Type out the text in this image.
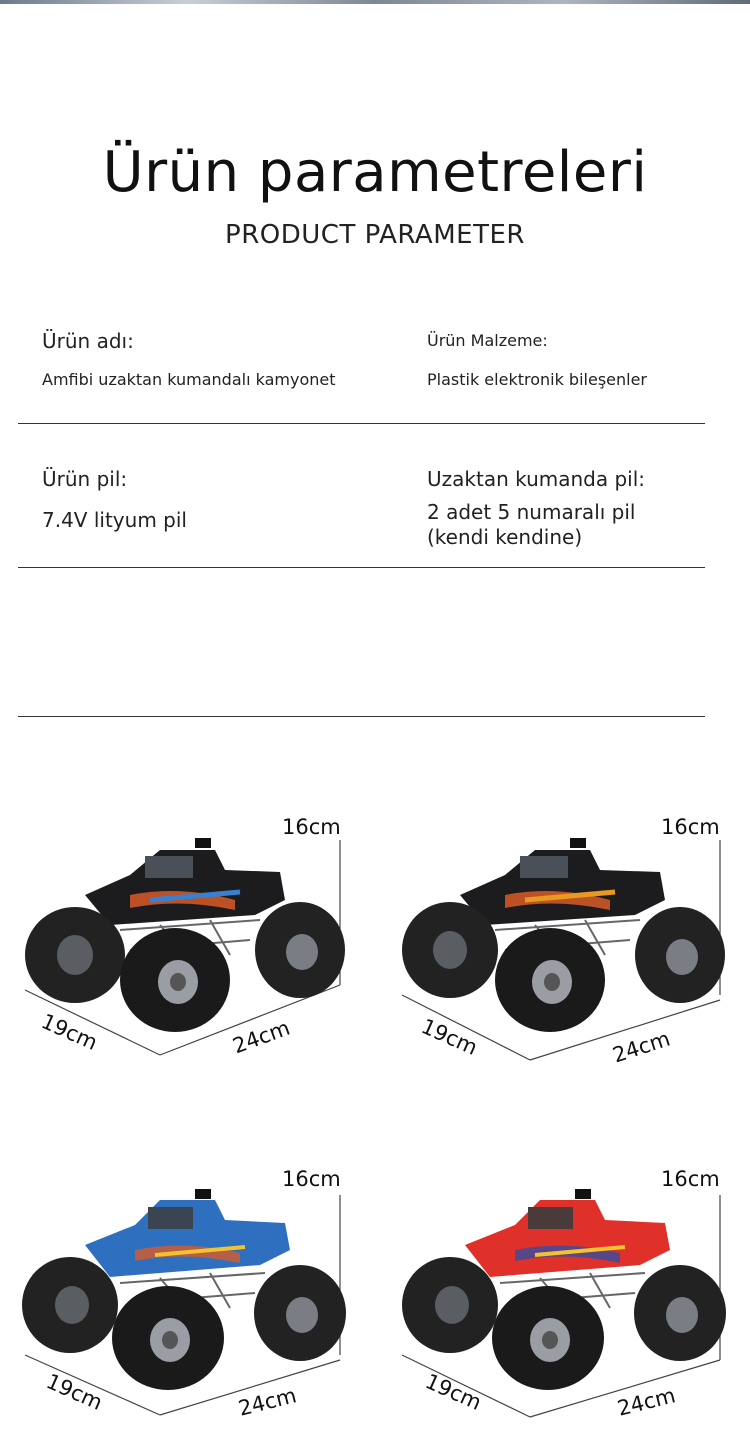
Ürün parametreleri
PRODUCT PARAMETER
Ürün adı:	Ürün Malzeme:
Amfibi uzaktan kumandalı kamyonet	Plastik elektronik bileşenler
Ürün pil:	Uzaktan kumanda pil:
7.4V lityum pil	2 adet 5 numaralı pil
(kendi kendine)
16cm
19cm	24cm
16cm
19cm	24cm
16cm
19cm	24cm
16cm
19cm	24cm
